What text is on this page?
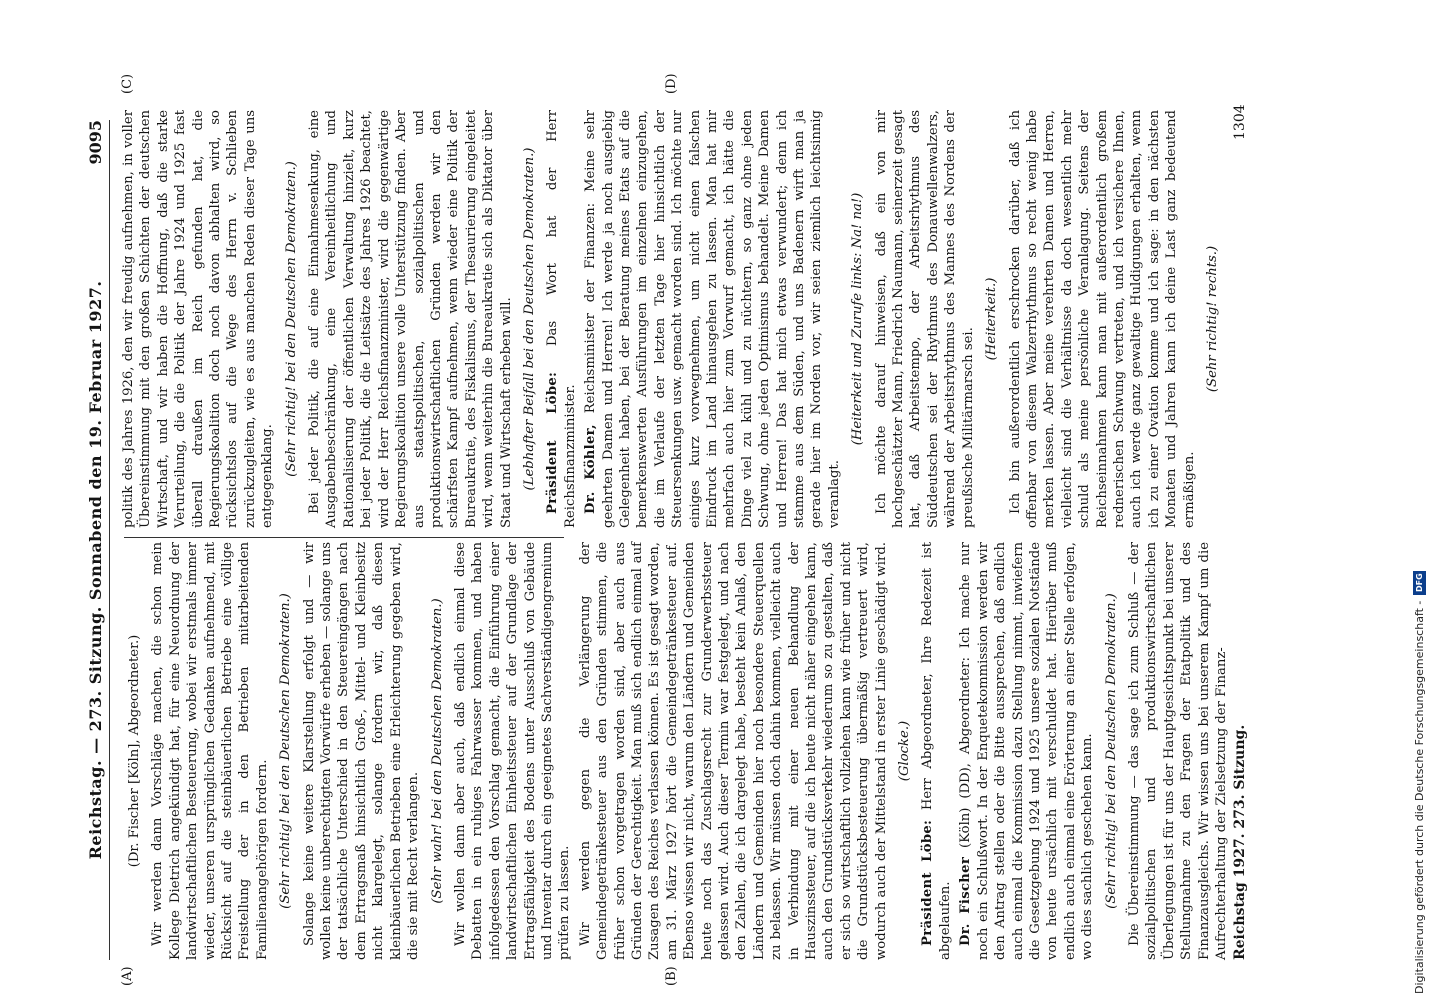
Reichstag. — 273. Sitzung. Sonnabend den 19. Februar 1927.
9095
(A)	(B)
(C)	(D)

(Dr. Fischer [Köln], Abgeordneter.) Wir werden dann Vorschläge machen, die schon mein Kollege Dietrich angekündigt hat, für eine Neuordnung der landwirtschaftlichen Besteuerung, wobei wir erstmals immer wieder, unseren ursprünglichen Gedanken aufnehmend, mit Rücksicht auf die steinbäuerlichen Betriebe eine völlige Freistellung der in den Betrieben mitarbeitenden Familienangehörigen fordern. (Sehr richtig! bei den Deutschen Demokraten.) Solange keine weitere Klarstellung erfolgt und — wir wollen keine unberechtigten Vorwürfe erheben — solange uns der tatsächliche Unterschied in den Steuereingängen nach dem Ertragsmaß hinsichtlich Groß-, Mittel- und Kleinbesitz nicht klargelegt, solange fordern wir, daß diesen kleinbäuerlichen Betrieben eine Erleichterung gegeben wird, die sie mit Recht verlangen. (Sehr wahr! bei den Deutschen Demokraten.) Wir wollen dann aber auch, daß endlich einmal diese Debatten in ein ruhiges Fahrwasser kommen, und haben infolgedessen den Vorschlag gemacht, die Einführung einer landwirtschaftlichen Einheitssteuer auf der Grundlage der Ertragsfähigkeit des Bodens unter Ausschluß von Gebäude und Inventar durch ein geeignetes Sachverständigengremium prüfen zu lassen. Wir werden gegen die Verlängerung der Gemeindegetränkesteuer aus den Gründen stimmen, die früher schon vorgetragen worden sind, aber auch aus Gründen der Gerechtigkeit. Man muß sich endlich einmal auf Zusagen des Reiches verlassen können. Es ist gesagt worden, am 31. März 1927 hört die Gemeindegetränkesteuer auf. Ebenso wissen wir nicht, warum den Ländern und Gemeinden heute noch das Zuschlagsrecht zur Grunderwerbssteuer gelassen wird. Auch dieser Termin war festgelegt, und nach den Zahlen, die ich dargelegt habe, besteht kein Anlaß, den Ländern und Gemeinden hier noch besondere Steuerquellen zu belassen. Wir müssen doch dahin kommen, vielleicht auch in Verbindung mit einer neuen Behandlung der Hauszinssteuer, auf die ich heute nicht näher eingehen kann, auch den Grundstücksverkehr wiederum so zu gestalten, daß er sich so wirtschaftlich vollziehen kann wie früher und nicht die Grundstücksbesteuerung übermäßig vertreuert wird, wodurch auch der Mittelstand in erster Linie geschädigt wird. (Glocke.)

Präsident Löbe: Herr Abgeordneter, Ihre Redezeit ist abgelaufen. Dr. Fischer (Köln) (DD), Abgeordneter: Ich mache nur noch ein Schlußwort. In der Enquetekommission werden wir den Antrag stellen oder die Bitte aussprechen, daß endlich auch einmal die Kommission dazu Stellung nimmt, inwiefern die Gesetzgebung 1924 und 1925 unsere sozialen Notstände von heute ursächlich mit verschuldet hat. Hierüber muß endlich auch einmal eine Erörterung an einer Stelle erfolgen, wo dies sachlich geschehen kann. (Sehr richtig! bei den Deutschen Demokraten.) Die Übereinstimmung — das sage ich zum Schluß — der sozialpolitischen und produktionswirtschaftlichen Überlegungen ist für uns der Hauptgesichtspunkt bei unserer Stellungnahme zu den Fragen der Etatpolitik und des Finanzausgleichs. Wir wissen uns bei unserem Kampf um die Aufrechterhaltung der Zielsetzung der Finanz-

politik des Jahres 1926, den wir freudig aufnehmen, in voller Übereinstimmung mit den großen Schichten der deutschen Wirtschaft, und wir haben die Hoffnung, daß die starke Verurteilung, die die Politik der Jahre 1924 und 1925 fast überall draußen im Reich gefunden hat, die Regierungskoalition doch noch davon abhalten wird, so rücksichtslos auf die Wege des Herrn v. Schlieben zurückzugleiten, wie es aus manchen Reden dieser Tage uns entgegenklang. (Sehr richtig! bei den Deutschen Demokraten.) Bei jeder Politik, die auf eine Einnahmesenkung, eine Ausgabenbeschränkung, eine Vereinheitlichung und Rationalisierung der öffentlichen Verwaltung hinzielt, kurz bei jeder Politik, die die Leitsätze des Jahres 1926 beachtet, wird der Herr Reichsfinanzminister, wird die gegenwärtige Regierungskoalition unsere volle Unterstützung finden. Aber aus staatspolitischen, sozialpolitischen und produktionswirtschaftlichen Gründen werden wir den schärfsten Kampf aufnehmen, wenn wieder eine Politik der Bureaukratie, des Fiskalismus, der Thesaurierung eingeleitet wird, wenn weiterhin die Bureaukratie sich als Diktator über Staat und Wirtschaft erheben will. (Lebhafter Beifall bei den Deutschen Demokraten.) Präsident Löbe: Das Wort hat der Herr Reichsfinanzminister. Dr. Köhler, Reichsminister der Finanzen: Meine sehr geehrten Damen und Herren! Ich werde ja noch ausgiebig Gelegenheit haben, bei der Beratung meines Etats auf die bemerkenswerten Ausführungen im einzelnen einzugehen, die im Verlaufe der letzten Tage hier hinsichtlich der Steuersenkungen usw. gemacht worden sind. Ich möchte nur einiges kurz vorwegnehmen, um nicht einen falschen Eindruck im Land hinausgehen zu lassen. Man hat mir mehrfach auch hier zum Vorwurf gemacht, ich hätte die Dinge viel zu kühl und zu nüchtern, so ganz ohne jeden Schwung, ohne jeden Optimismus behandelt. Meine Damen und Herren! Das hat mich etwas verwundert; denn ich stamme aus dem Süden, und uns Badenern wirft man ja gerade hier im Norden vor, wir seien ziemlich leichtsinnig veranlagt.

(Heiterkeit und Zurufe links: Na! na!) Ich möchte darauf hinweisen, daß ein von mir hochgeschätzter Mann, Friedrich Naumann, seinerzeit gesagt hat, daß Arbeitstempo, der Arbeitsrhythmus des Süddeutschen sei der Rhythmus des Donauwellenwalzers, während der Arbeitsrhythmus des Mannes des Nordens der preußische Militärmarsch sei.

(Heiterkeit.) Ich bin außerordentlich erschrocken darüber, daß ich offenbar von diesem Walzerrhythmus so recht wenig habe merken lassen. Aber meine verehrten Damen und Herren, vielleicht sind die Verhältnisse da doch wesentlich mehr schuld als meine persönliche Veranlagung. Seitens der Reichseinnahmen kann man mit außerordentlich großem rednerischen Schwung vertreten, und ich versichere Ihnen, auch ich werde ganz gewaltige Huldigungen erhalten, wenn ich zu einer Ovation komme und ich sage: in den nächsten Monaten und Jahren kann ich deine Last ganz bedeutend ermäßigen.

(Sehr richtig! rechts.)

Reichstag 1927. 273. Sitzung.
1304
Digitalisierung gefördert durch die Deutsche Forschungsgemeinschaft -
DFG
